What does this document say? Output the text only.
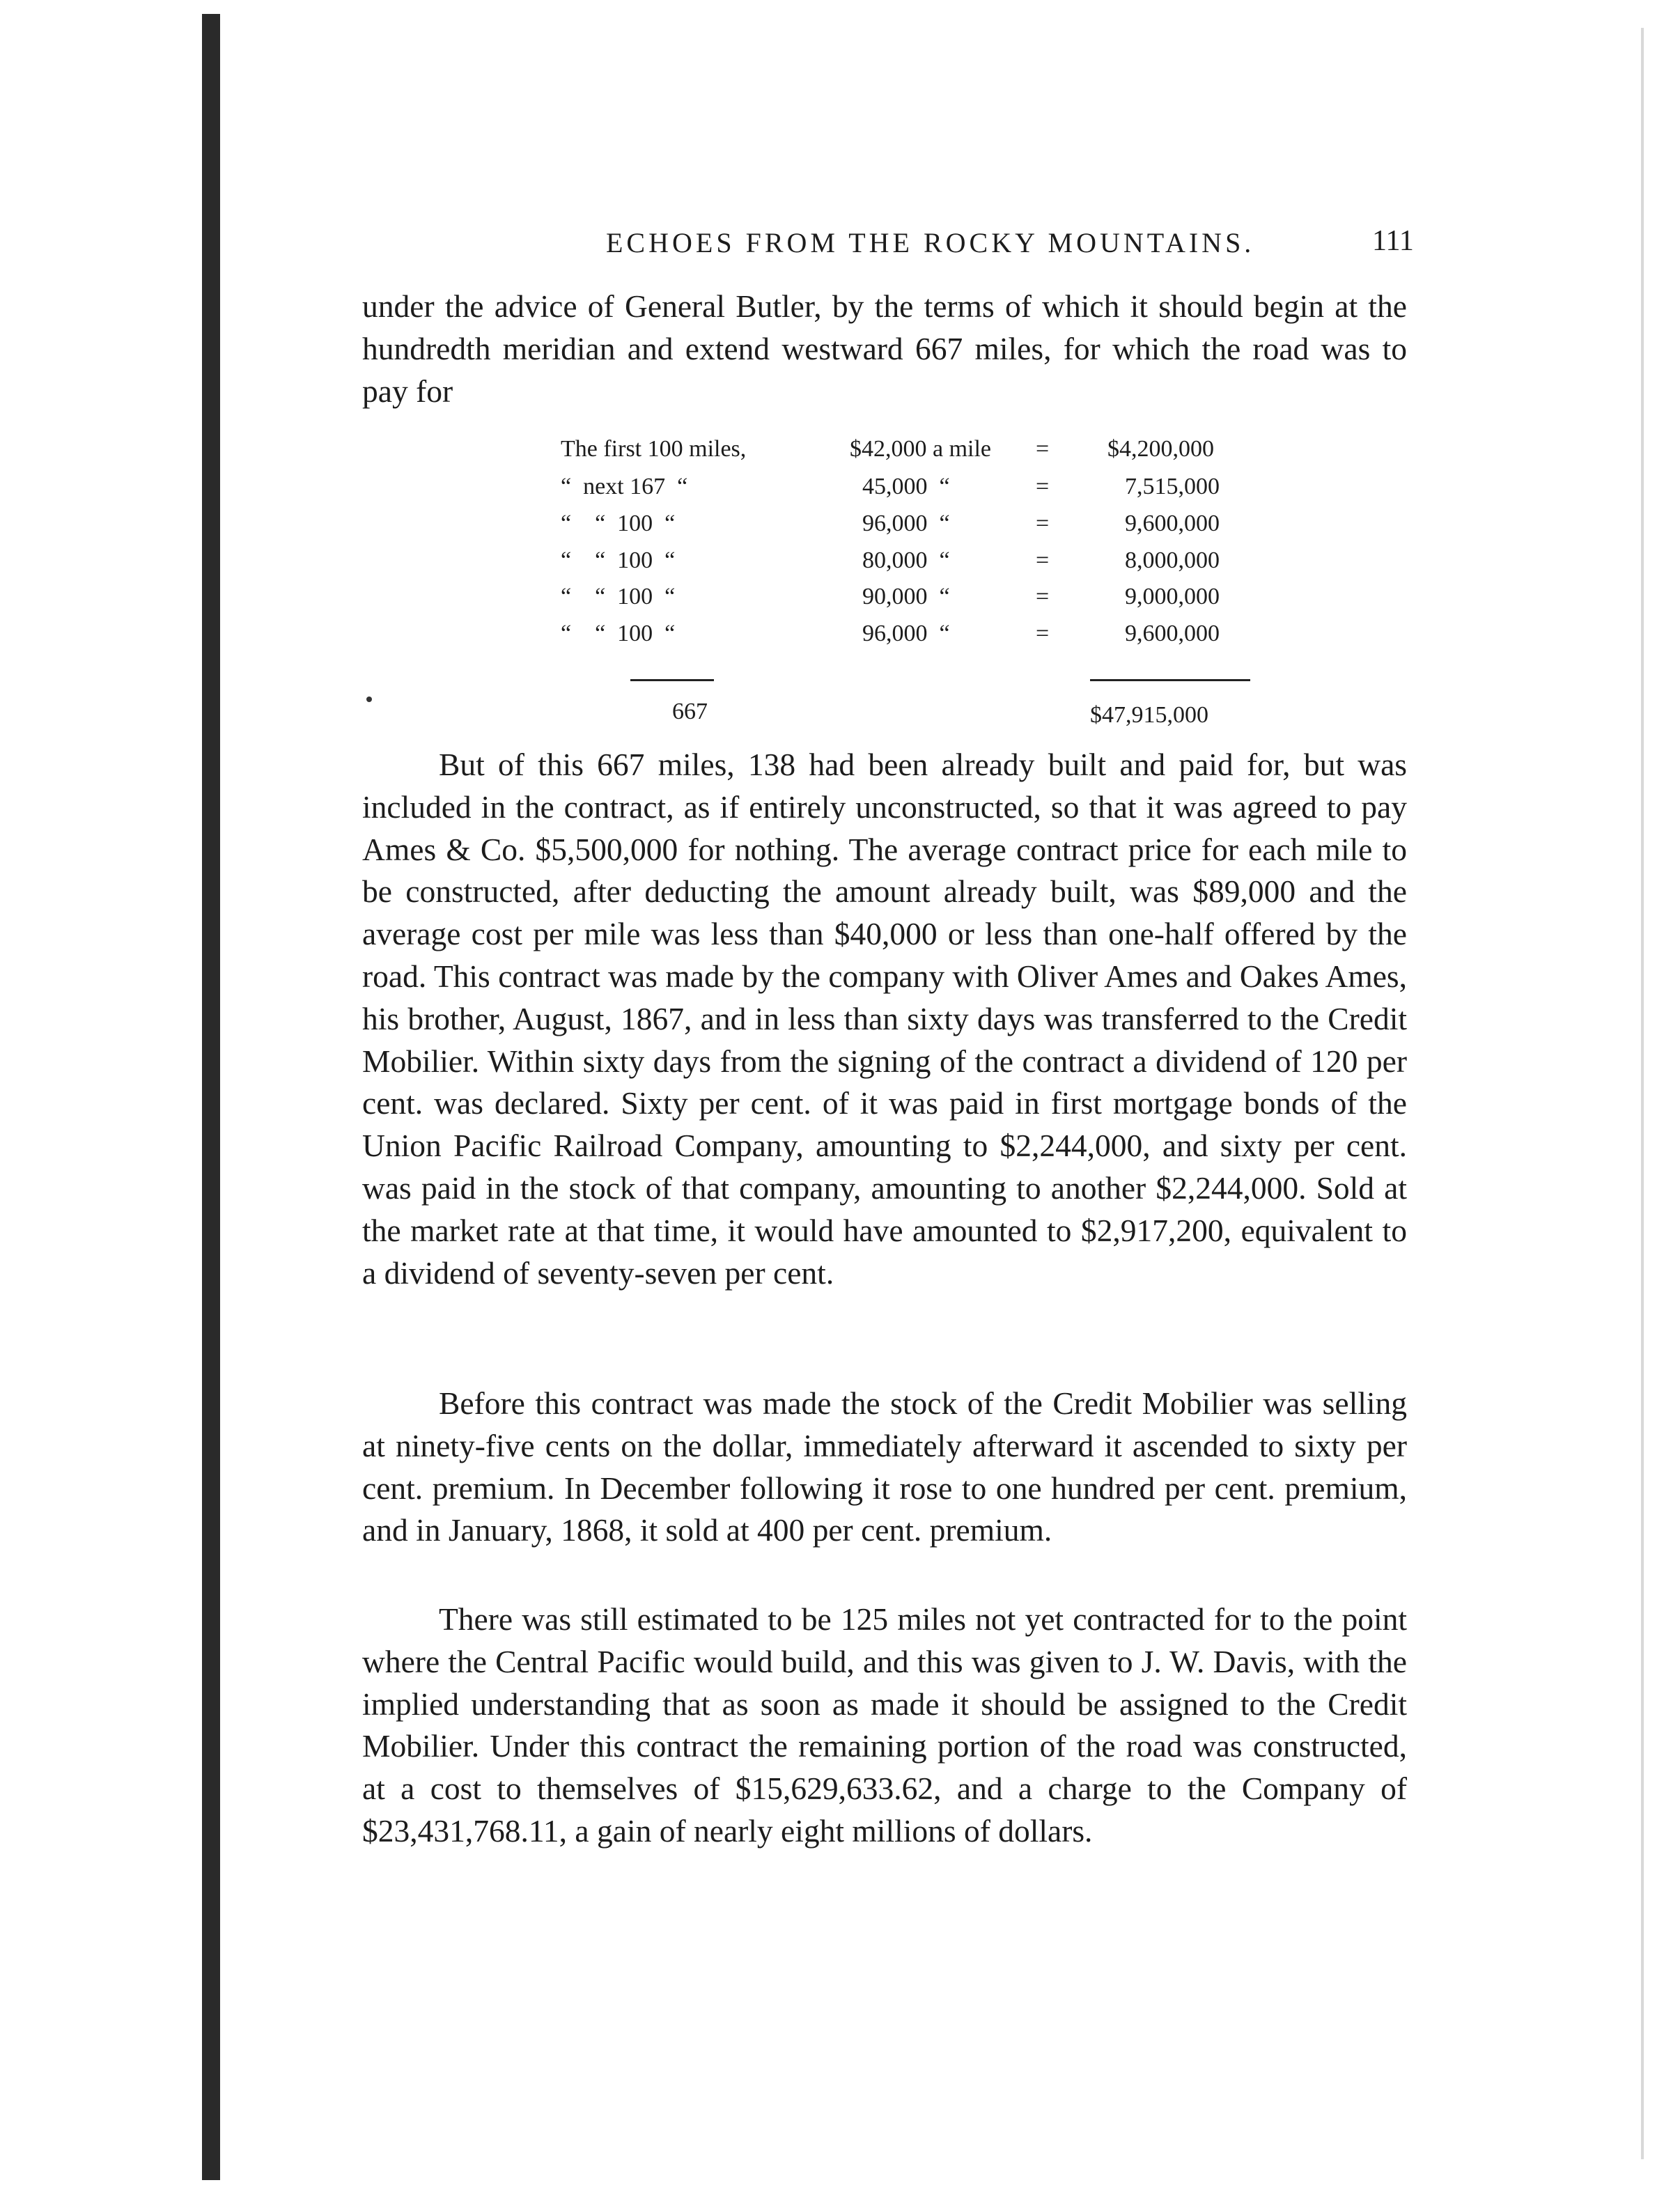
ECHOES FROM THE ROCKY MOUNTAINS.	111

under the advice of General Butler, by the terms of which it should begin at the hundredth meridian and extend westward 667 miles, for which the road was to pay for

The first 100 miles,	$42,000 a mile = $4,200,000
“  next 167  “	45,000  “	=	7,515,000
“    “  100  “	96,000  “	=	9,600,000
“    “  100  “	80,000  “	=	8,000,000
“    “  100  “	90,000  “	=	9,000,000
“    “  100  “	96,000  “	=	9,600,000
667	$47,915,000

But of this 667 miles, 138 had been already built and paid for, but was included in the contract, as if entirely unconstructed, so that it was agreed to pay Ames & Co. $5,500,000 for nothing. The average contract price for each mile to be constructed, after deducting the amount already built, was $89,000 and the average cost per mile was less than $40,000 or less than one-half offered by the road. This contract was made by the company with Oliver Ames and Oakes Ames, his brother, August, 1867, and in less than sixty days was transferred to the Credit Mobilier. Within sixty days from the signing of the contract a dividend of 120 per cent. was declared. Sixty per cent. of it was paid in first mortgage bonds of the Union Pacific Railroad Company, amounting to $2,244,000, and sixty per cent. was paid in the stock of that company, amounting to another $2,244,000. Sold at the market rate at that time, it would have amounted to $2,917,200, equivalent to a dividend of seventy-seven per cent.

Before this contract was made the stock of the Credit Mobilier was selling at ninety-five cents on the dollar, immediately afterward it ascended to sixty per cent. premium. In December following it rose to one hundred per cent. premium, and in January, 1868, it sold at 400 per cent. premium.

There was still estimated to be 125 miles not yet contracted for to the point where the Central Pacific would build, and this was given to J. W. Davis, with the implied understanding that as soon as made it should be assigned to the Credit Mobilier. Under this contract the remaining portion of the road was constructed, at a cost to themselves of $15,629,633.62, and a charge to the Company of $23,431,768.11, a gain of nearly eight millions of dollars.
